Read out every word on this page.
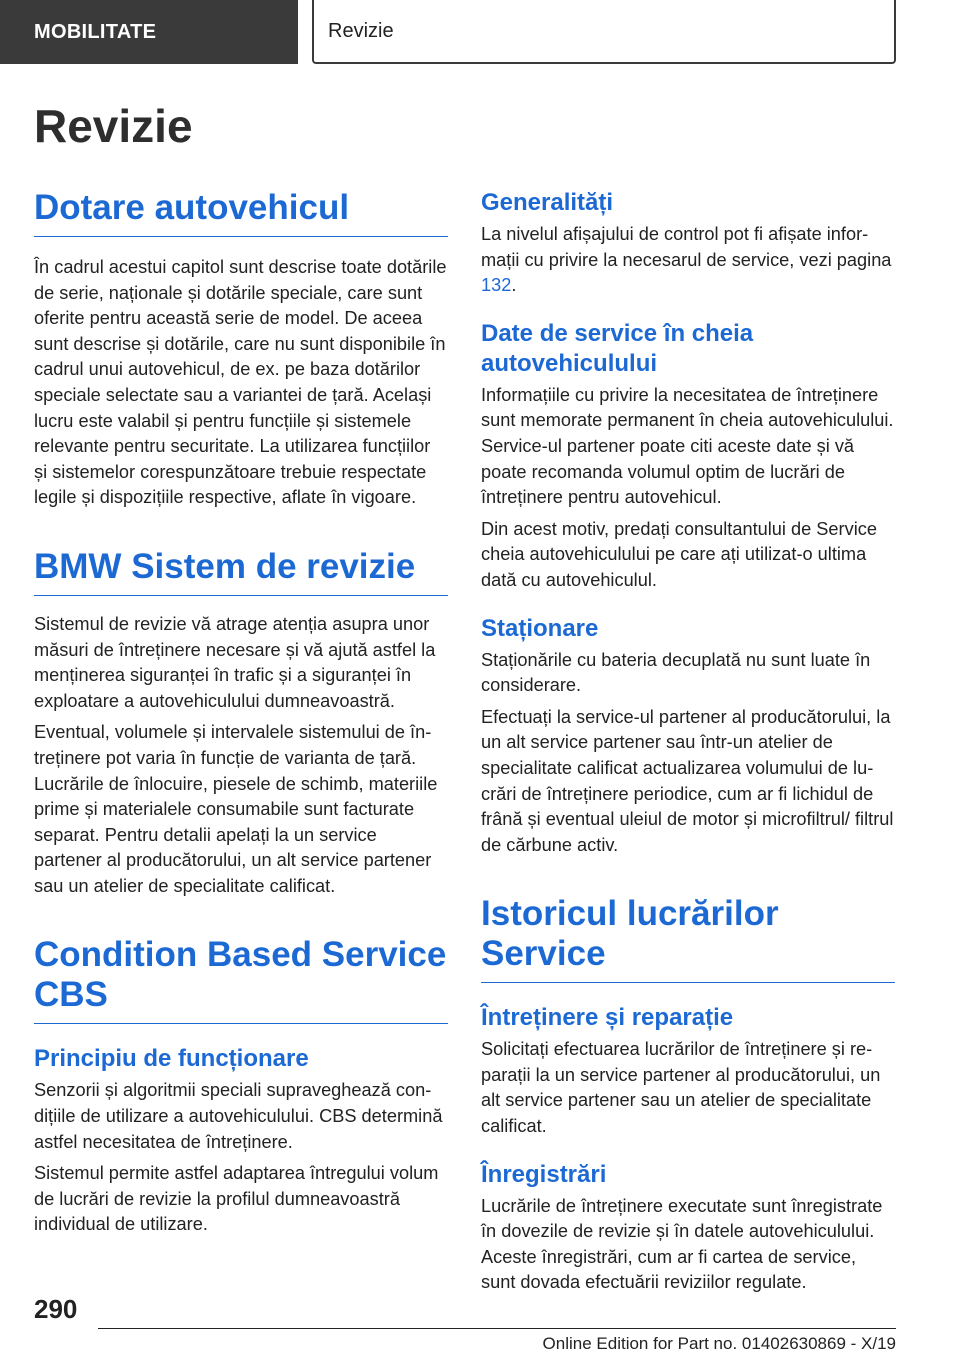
MOBILITATE	Revizie
Revizie
Dotare autovehicul

În cadrul acestui capitol sunt descrise toate dotările de serie, naționale și dotările speciale, care sunt oferite pentru această serie de model. De aceea sunt descrise și dotările, care nu sunt disponibile în cadrul unui autovehicul, de ex. pe baza dotărilor speciale selectate sau a variantei de țară. Același lucru este valabil și pentru funcțiile și sistemele relevante pentru securitate. La utilizarea funcțiilor și sistemelor corespunzătoare trebuie respectate legile și dispozițiile respective, aflate în vigoare.

BMW Sistem de revizie

Sistemul de revizie vă atrage atenția asupra unor măsuri de întreținere necesare și vă ajută astfel la menținerea siguranței în trafic și a siguranței în exploatare a autovehiculului dumneavoastră.

Eventual, volumele și intervalele sistemului de întreținere pot varia în funcție de varianta de țară. Lucrările de înlocuire, piesele de schimb, materiile prime și materialele consumabile sunt facturate separat. Pentru detalii apelați la un service partener al producătorului, un alt service partener sau un atelier de specialitate calificat.

Condition Based Service CBS
Principiu de funcționare

Senzorii și algoritmii speciali supraveghează condițiile de utilizare a autovehiculului. CBS determină astfel necesitatea de întreținere.

Sistemul permite astfel adaptarea întregului volum de lucrări de revizie la profilul dumneavoastră individual de utilizare.

Generalități

La nivelul afișajului de control pot fi afișate informații cu privire la necesarul de service, vezi pagina 132.

Date de service în cheia autovehiculului

Informațiile cu privire la necesitatea de întreținere sunt memorate permanent în cheia autovehiculului. Service-ul partener poate citi aceste date și vă poate recomanda volumul optim de lucrări de întreținere pentru autovehicul.

Din acest motiv, predați consultantului de Service cheia autovehiculului pe care ați utilizat-o ultima dată cu autovehiculul.

Staționare

Staționările cu bateria decuplată nu sunt luate în considerare.

Efectuați la service-ul partener al producătorului, la un alt service partener sau într-un atelier de specialitate calificat actualizarea volumului de lucrări de întreținere periodice, cum ar fi lichidul de frână și eventual uleiul de motor și microfiltrul/ filtrul de cărbune activ.

Istoricul lucrărilor Service
Întreținere și reparație

Solicitați efectuarea lucrărilor de întreținere și reparații la un service partener al producătorului, un alt service partener sau un atelier de specialitate calificat.

Înregistrări

Lucrările de întreținere executate sunt înregistrate în dovezile de revizie și în datele autovehiculului. Aceste înregistrări, cum ar fi cartea de service, sunt dovada efectuării reviziilor regulate.

290
Online Edition for Part no. 01402630869 - X/19
